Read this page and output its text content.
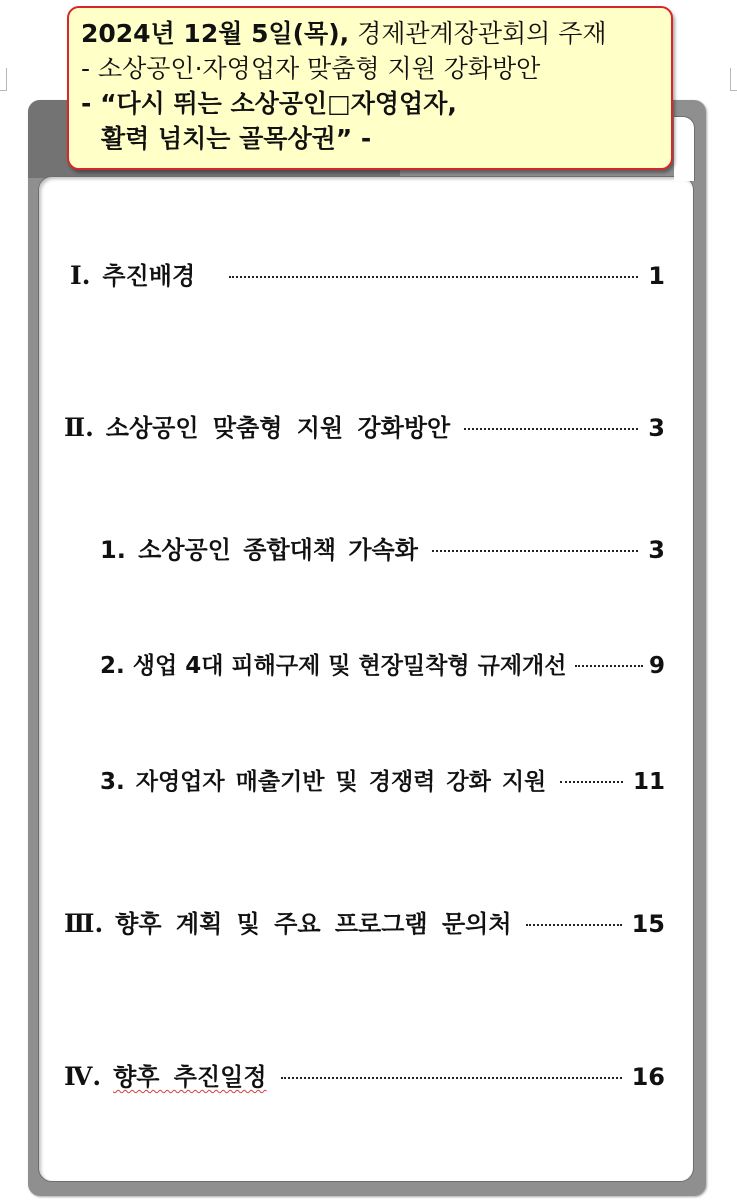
2024년 12월 5일(목), 경제관계장관회의 주재
- 소상공인·자영업자 맞춤형 지원 강화방안
- “다시 뛰는 소상공인□자영업자,
활력 넘치는 골목상권” -
Ⅰ. 추진배경	1
Ⅱ. 소상공인 맞춤형 지원 강화방안	3
1. 소상공인 종합대책 가속화	3
2. 생업 4대 피해구제 및 현장밀착형 규제개선	9
3. 자영업자 매출기반 및 경쟁력 강화 지원	11
Ⅲ. 향후 계획 및 주요 프로그램 문의처	15
Ⅳ. 향후 추진일정	16
